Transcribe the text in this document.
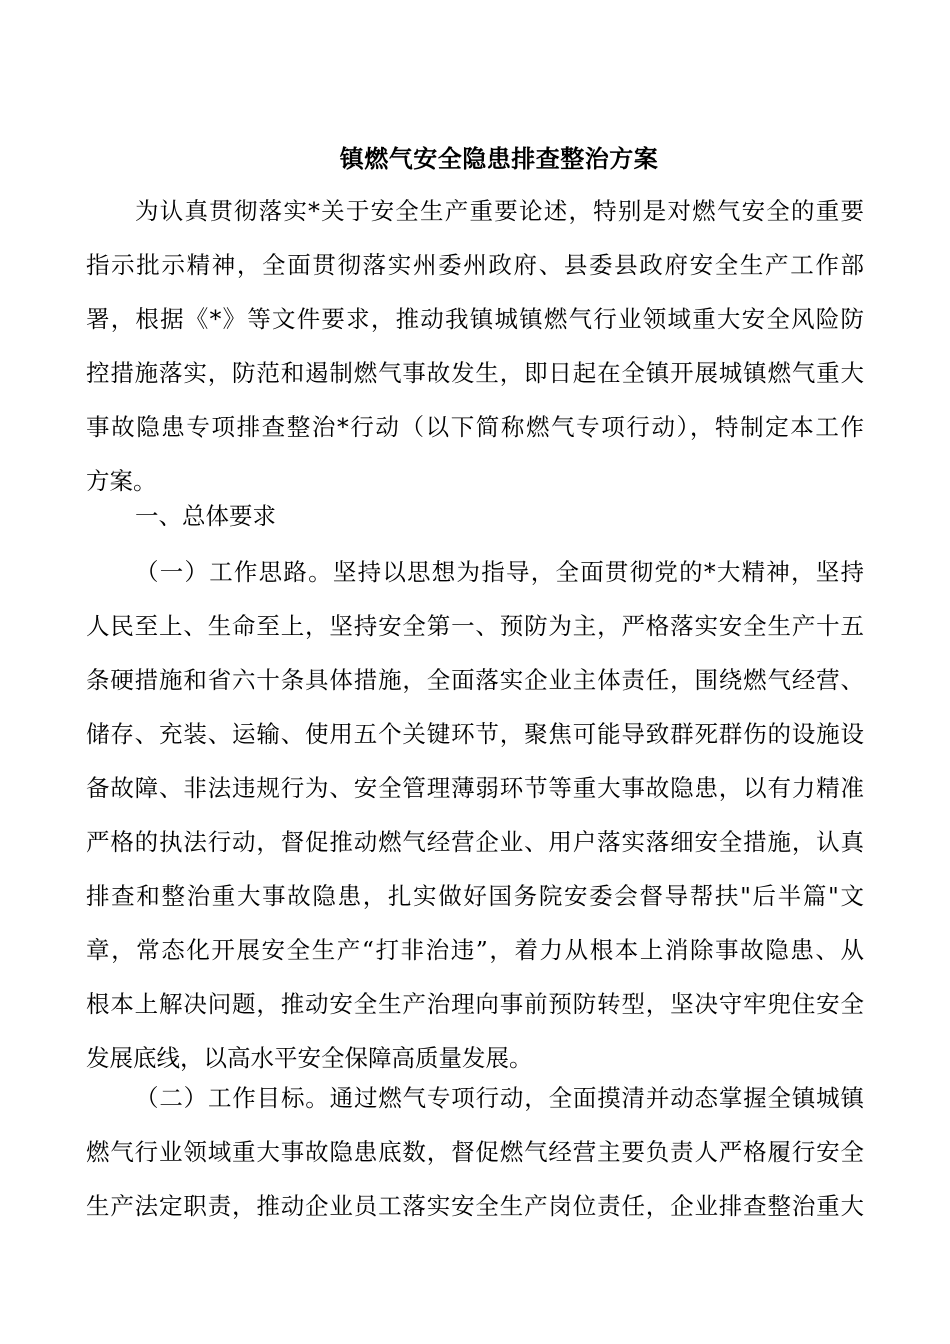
镇燃气安全隐患排查整治方案
为认真贯彻落实*关于安全生产重要论述，特别是对燃气安全的重要
指示批示精神，全面贯彻落实州委州政府、县委县政府安全生产工作部
署，根据《*》等文件要求，推动我镇城镇燃气行业领域重大安全风险防
控措施落实，防范和遏制燃气事故发生，即日起在全镇开展城镇燃气重大
事故隐患专项排查整治*行动（以下简称燃气专项行动），特制定本工作
方案。
一、总体要求
（一）工作思路。坚持以思想为指导，全面贯彻党的*大精神，坚持
人民至上、生命至上，坚持安全第一、预防为主，严格落实安全生产十五
条硬措施和省六十条具体措施，全面落实企业主体责任，围绕燃气经营、
储存、充装、运输、使用五个关键环节，聚焦可能导致群死群伤的设施设
备故障、非法违规行为、安全管理薄弱环节等重大事故隐患，以有力精准
严格的执法行动，督促推动燃气经营企业、用户落实落细安全措施，认真
排查和整治重大事故隐患，扎实做好国务院安委会督导帮扶"后半篇"文
章，常态化开展安全生产“打非治违”，着力从根本上消除事故隐患、从
根本上解决问题，推动安全生产治理向事前预防转型，坚决守牢兜住安全
发展底线，以高水平安全保障高质量发展。
（二）工作目标。通过燃气专项行动，全面摸清并动态掌握全镇城镇
燃气行业领域重大事故隐患底数，督促燃气经营主要负责人严格履行安全
生产法定职责，推动企业员工落实安全生产岗位责任，企业排查整治重大
